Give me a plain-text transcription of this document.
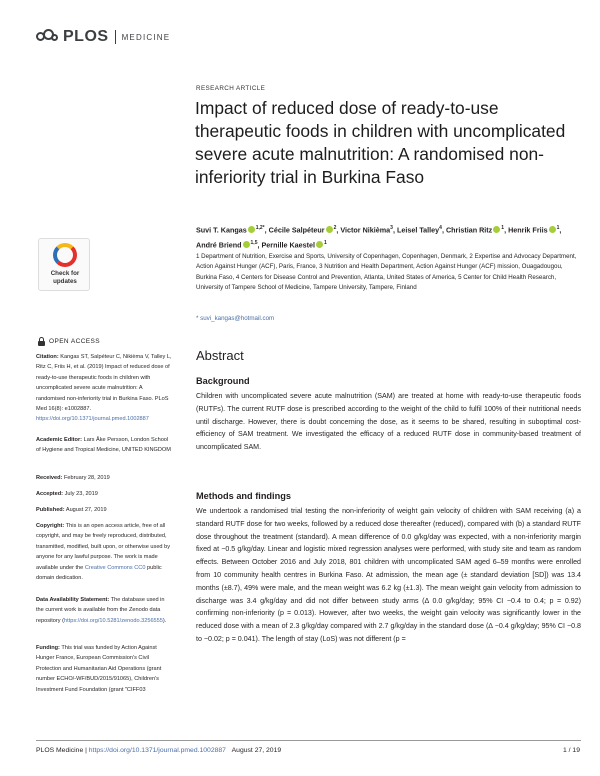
PLOS MEDICINE
RESEARCH ARTICLE
Impact of reduced dose of ready-to-use therapeutic foods in children with uncomplicated severe acute malnutrition: A randomised non-inferiority trial in Burkina Faso
Suvi T. Kangas $^{1,2*}$, Cécile Salpéteur $^2$, Victor Nikièma$^3$, Leisel Talley$^4$, Christian Ritz $^1$, Henrik Friis $^1$, André Briend $^{1,5}$, Pernille Kaestel $^1$
1 Department of Nutrition, Exercise and Sports, University of Copenhagen, Copenhagen, Denmark, 2 Expertise and Advocacy Department, Action Against Hunger (ACF), Paris, France, 3 Nutrition and Health Department, Action Against Hunger (ACF) mission, Ouagadougou, Burkina Faso, 4 Centers for Disease Control and Prevention, Atlanta, United States of America, 5 Center for Child Health Research, University of Tampere School of Medicine, Tampere University, Tampere, Finland
* suvi_kangas@hotmail.com
Check for
updates
OPEN ACCESS
Citation: Kangas ST, Salpéteur C, Nikièma V, Talley L, Ritz C, Friis H, et al. (2019) Impact of reduced dose of ready-to-use therapeutic foods in children with uncomplicated severe acute malnutrition: A randomised non-inferiority trial in Burkina Faso. PLoS Med 16(8): e1002887. https://doi.org/10.1371/journal.pmed.1002887
Academic Editor: Lars Åke Persson, London School of Hygiene and Tropical Medicine, UNITED KINGDOM
Received: February 28, 2019
Accepted: July 23, 2019
Published: August 27, 2019
Copyright: This is an open access article, free of all copyright, and may be freely reproduced, distributed, transmitted, modified, built upon, or otherwise used by anyone for any lawful purpose. The work is made available under the Creative Commons CC0 public domain dedication.
Data Availability Statement: The database used in the current work is available from the Zenodo data repository (https://doi.org/10.5281/zenodo.3256555).
Funding: This trial was funded by Action Against Hunger France, European Commission's Civil Protection and Humanitarian Aid Operations (grant number ECHO/-WF/BUD/2015/91065), Children's Investment Fund Foundation (grant "CIFF03
Abstract
Background

Children with uncomplicated severe acute malnutrition (SAM) are treated at home with ready-to-use therapeutic foods (RUTFs). The current RUTF dose is prescribed according to the weight of the child to fulfil 100% of their nutritional needs until discharge. However, there is doubt concerning the dose, as it seems to be shared, resulting in suboptimal cost-efficiency of SAM treatment. We investigated the efficacy of a reduced RUTF dose in community-based treatment of uncomplicated SAM.

Methods and findings

We undertook a randomised trial testing the non-inferiority of weight gain velocity of children with SAM receiving (a) a standard RUTF dose for two weeks, followed by a reduced dose thereafter (reduced), compared with (b) a standard RUTF dose throughout the treatment (standard). A mean difference of 0.0 g/kg/day was expected, with a non-inferiority margin fixed at −0.5 g/kg/day. Linear and logistic mixed regression analyses were performed, with study site and team as random effects. Between October 2016 and July 2018, 801 children with uncomplicated SAM aged 6–59 months were enrolled from 10 community health centres in Burkina Faso. At admission, the mean age (± standard deviation [SD]) was 13.4 months (±8.7), 49% were male, and the mean weight was 6.2 kg (±1.3). The mean weight gain velocity from admission to discharge was 3.4 g/kg/day and did not differ between study arms (Δ 0.0 g/kg/day; 95% CI −0.4 to 0.4; p = 0.92) confirming non-inferiority (p = 0.013). However, after two weeks, the weight gain velocity was significantly lower in the reduced dose with a mean of 2.3 g/kg/day compared with 2.7 g/kg/day in the standard dose (Δ −0.4 g/kg/day; 95% CI −0.8 to −0.02; p = 0.041). The length of stay (LoS) was not different (p =

PLOS Medicine | https://doi.org/10.1371/journal.pmed.1002887 August 27, 2019	1 / 19
